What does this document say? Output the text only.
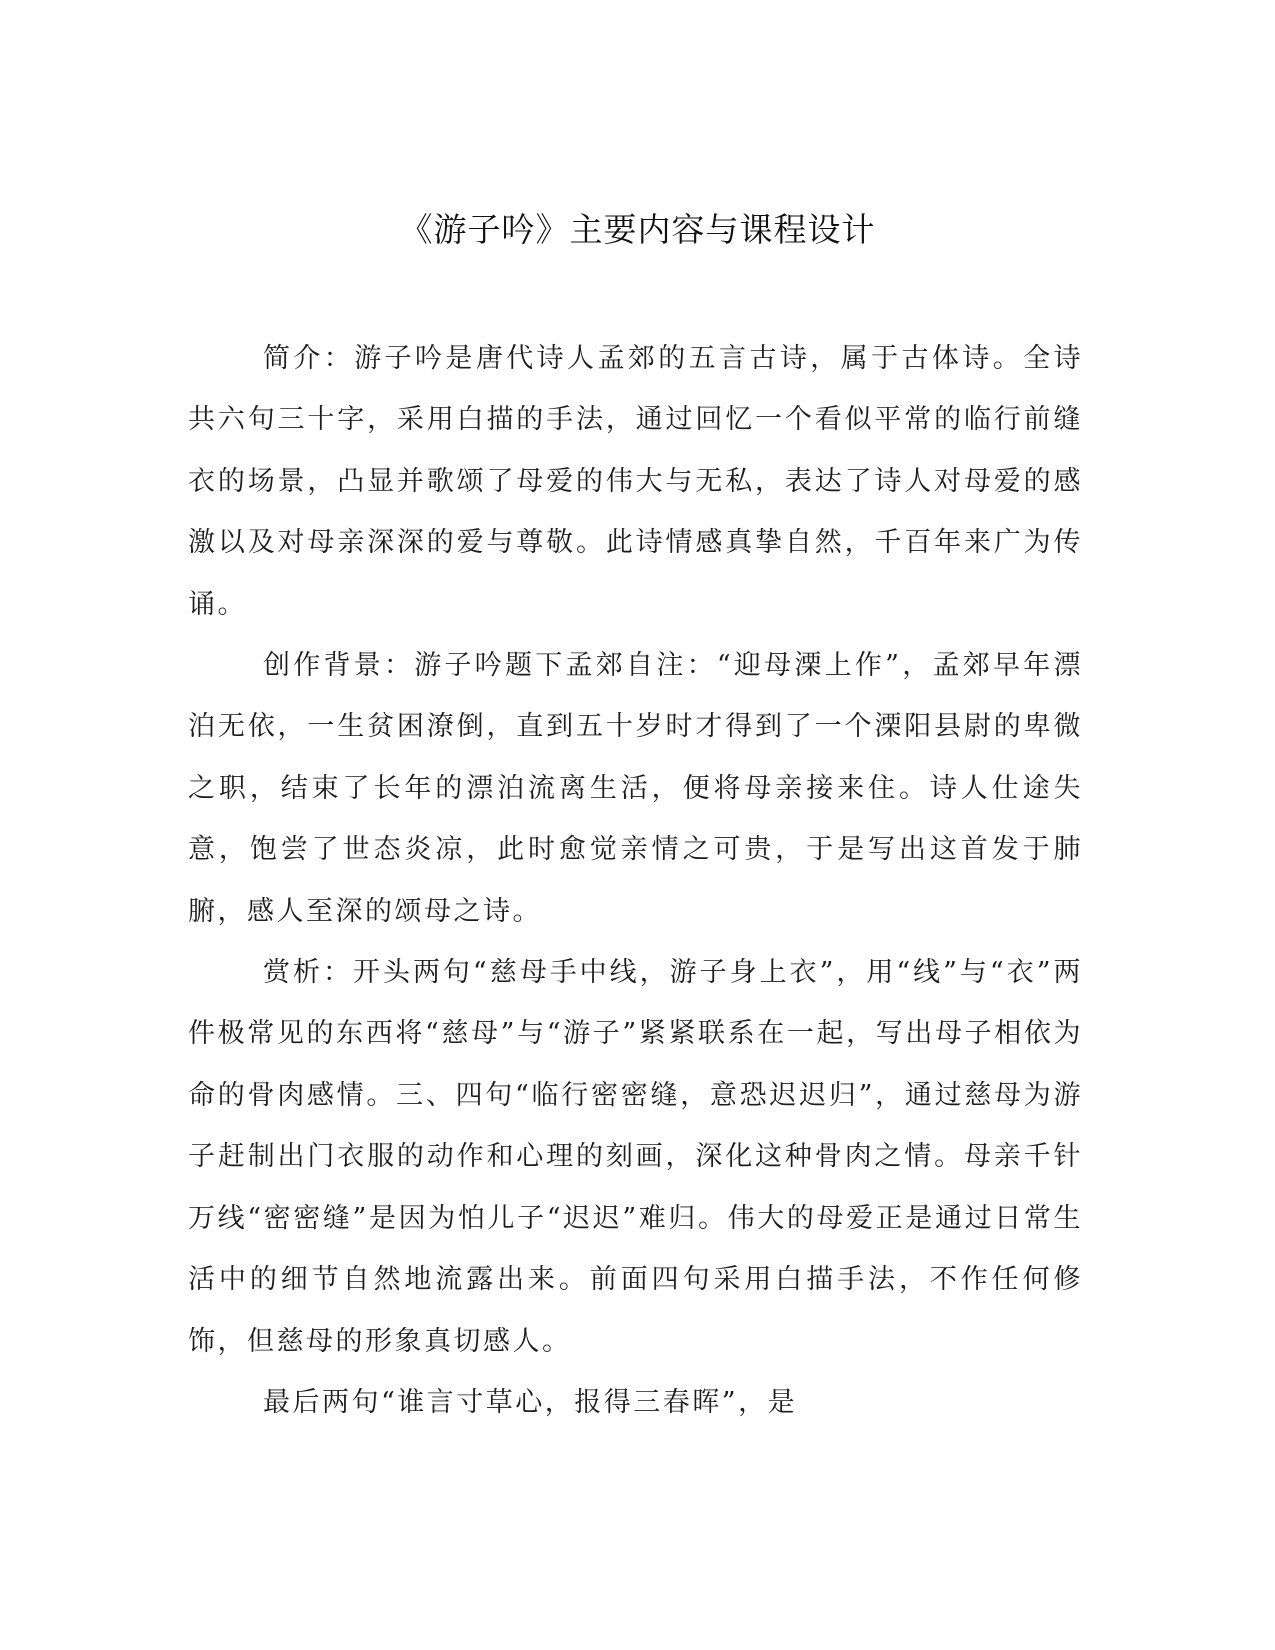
《游子吟》主要内容与课程设计

简介：游子吟是唐代诗人孟郊的五言古诗，属于古体诗。全诗共六句三十字，采用白描的手法，通过回忆一个看似平常的临行前缝衣的场景，凸显并歌颂了母爱的伟大与无私，表达了诗人对母爱的感激以及对母亲深深的爱与尊敬。此诗情感真挚自然，千百年来广为传诵。

创作背景：游子吟题下孟郊自注：“迎母溧上作”，孟郊早年漂泊无依，一生贫困潦倒，直到五十岁时才得到了一个溧阳县尉的卑微之职，结束了长年的漂泊流离生活，便将母亲接来住。诗人仕途失意，饱尝了世态炎凉，此时愈觉亲情之可贵，于是写出这首发于肺腑，感人至深的颂母之诗。

赏析：开头两句“慈母手中线，游子身上衣”，用“线”与“衣”两件极常见的东西将“慈母”与“游子”紧紧联系在一起，写出母子相依为命的骨肉感情。三、四句“临行密密缝，意恐迟迟归”，通过慈母为游子赶制出门衣服的动作和心理的刻画，深化这种骨肉之情。母亲千针万线“密密缝”是因为怕儿子“迟迟”难归。伟大的母爱正是通过日常生活中的细节自然地流露出来。前面四句采用白描手法，不作任何修饰，但慈母的形象真切感人。

最后两句“谁言寸草心，报得三春晖”，是
